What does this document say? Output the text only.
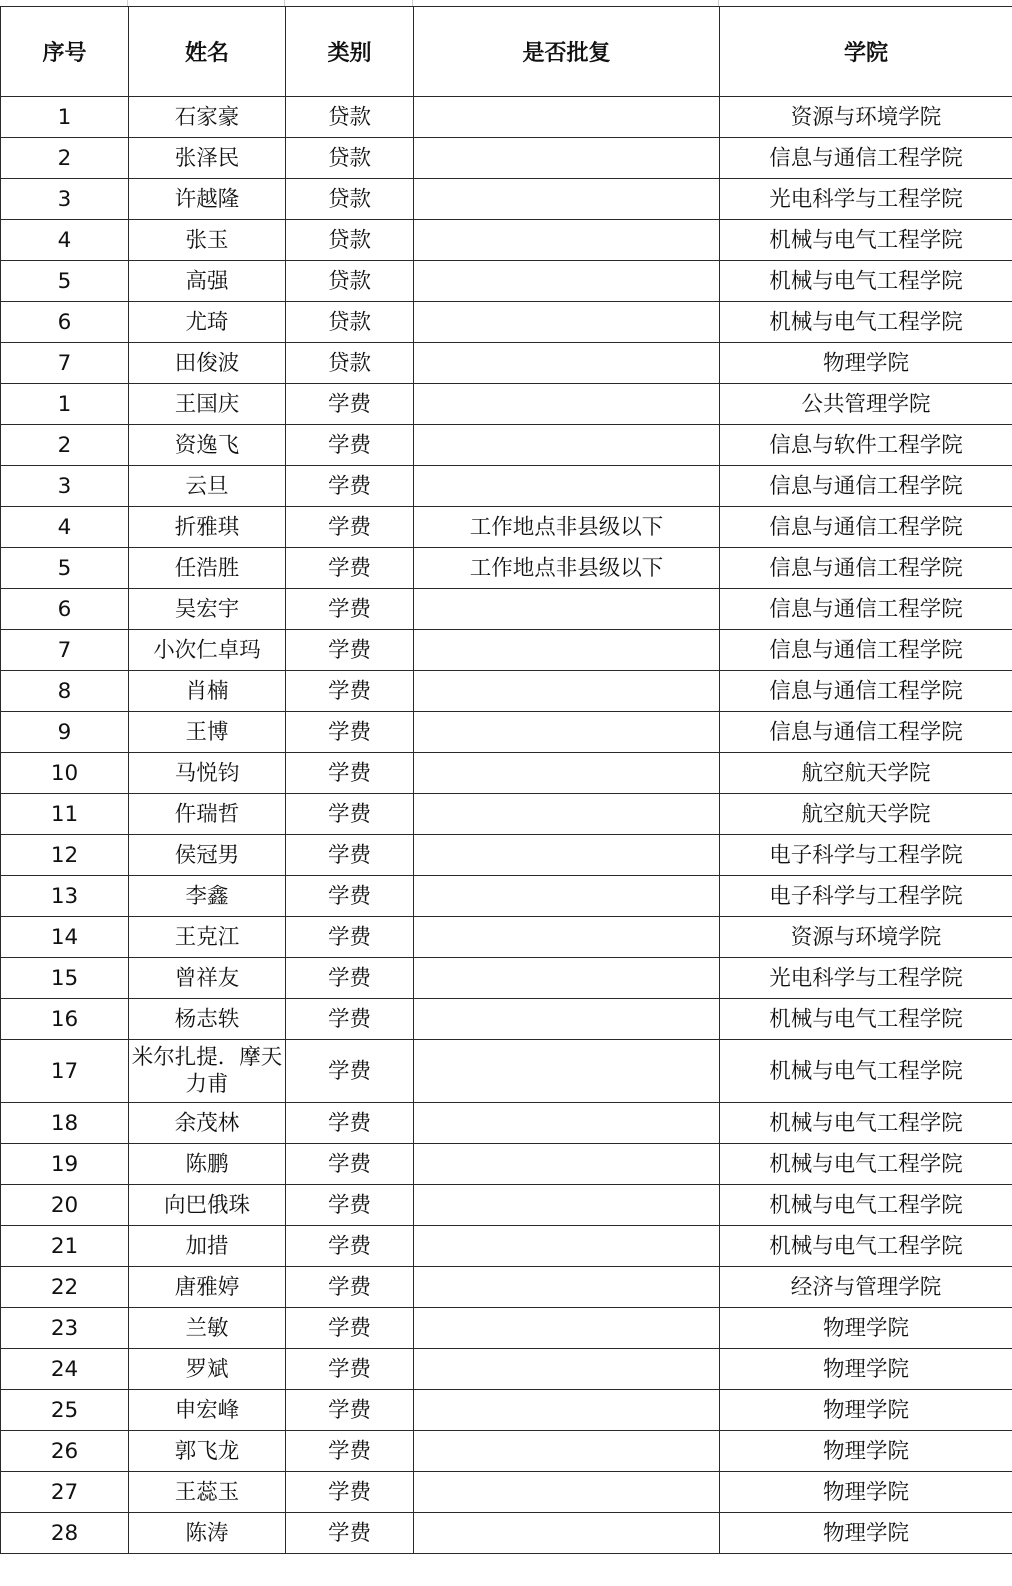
序号	姓名	类别	是否批复	学院
1	石家豪	贷款		资源与环境学院
2	张泽民	贷款		信息与通信工程学院
3	许越隆	贷款		光电科学与工程学院
4	张玉	贷款		机械与电气工程学院
5	高强	贷款		机械与电气工程学院
6	尤琦	贷款		机械与电气工程学院
7	田俊波	贷款		物理学院
1	王国庆	学费		公共管理学院
2	资逸飞	学费		信息与软件工程学院
3	云旦	学费		信息与通信工程学院
4	折雅琪	学费	工作地点非县级以下	信息与通信工程学院
5	任浩胜	学费	工作地点非县级以下	信息与通信工程学院
6	吴宏宇	学费		信息与通信工程学院
7	小次仁卓玛	学费		信息与通信工程学院
8	肖楠	学费		信息与通信工程学院
9	王博	学费		信息与通信工程学院
10	马悦钧	学费		航空航天学院
11	仵瑞哲	学费		航空航天学院
12	侯冠男	学费		电子科学与工程学院
13	李鑫	学费		电子科学与工程学院
14	王克江	学费		资源与环境学院
15	曾祥友	学费		光电科学与工程学院
16	杨志轶	学费		机械与电气工程学院
17	米尔扎提．摩天力甫	学费		机械与电气工程学院
18	余茂林	学费		机械与电气工程学院
19	陈鹏	学费		机械与电气工程学院
20	向巴俄珠	学费		机械与电气工程学院
21	加措	学费		机械与电气工程学院
22	唐雅婷	学费		经济与管理学院
23	兰敏	学费		物理学院
24	罗斌	学费		物理学院
25	申宏峰	学费		物理学院
26	郭飞龙	学费		物理学院
27	王蕊玉	学费		物理学院
28	陈涛	学费		物理学院
